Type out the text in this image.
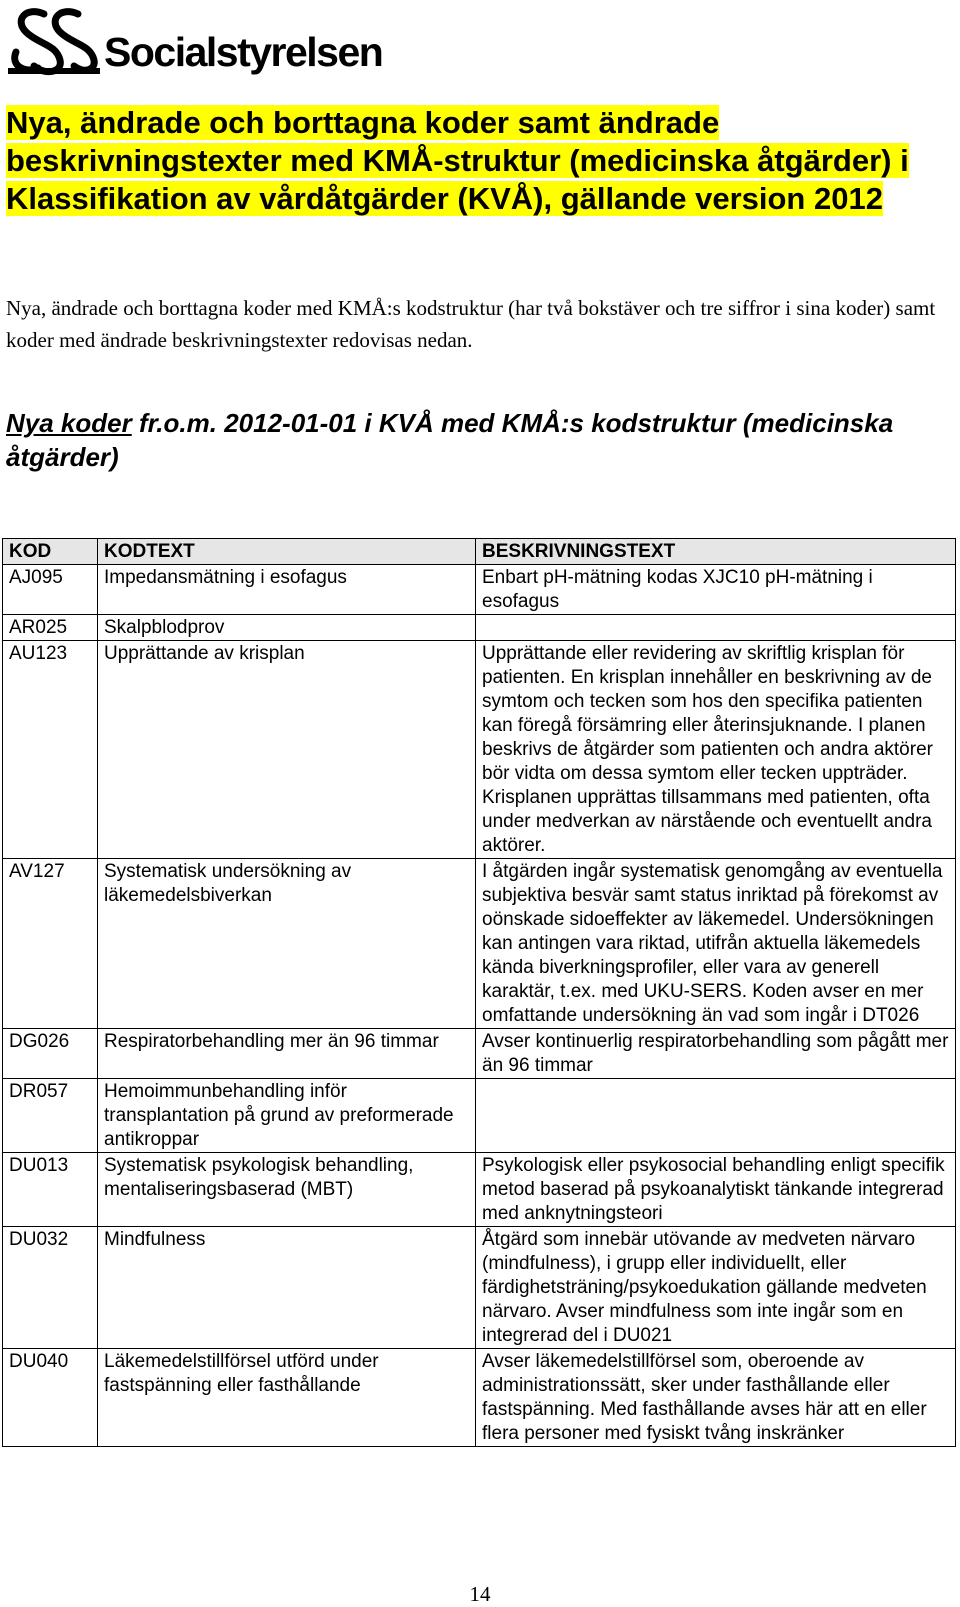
Socialstyrelsen
Nya, ändrade och borttagna koder samt ändrade beskrivningstexter med KMÅ-struktur (medicinska åtgärder) i Klassifikation av vårdåtgärder (KVÅ), gällande version 2012

Nya, ändrade och borttagna koder med KMÅ:s kodstruktur (har två bokstäver och tre siffror i sina koder) samt koder med ändrade beskrivningstexter redovisas nedan.

Nya koder fr.o.m. 2012-01-01 i KVÅ med KMÅ:s kodstruktur (medicinska åtgärder)
KOD	KODTEXT	BESKRIVNINGSTEXT
AJ095	Impedansmätning i esofagus	Enbart pH-mätning kodas XJC10 pH-mätning i esofagus
AR025	Skalpblodprov	
AU123	Upprättande av krisplan	Upprättande eller revidering av skriftlig krisplan för patienten. En krisplan innehåller en beskrivning av de symtom och tecken som hos den specifika patienten kan föregå försämring eller återinsjuknande. I planen beskrivs de åtgärder som patienten och andra aktörer bör vidta om dessa symtom eller tecken uppträder. Krisplanen upprättas tillsammans med patienten, ofta under medverkan av närstående och eventuellt andra aktörer.
AV127	Systematisk undersökning av läkemedelsbiverkan	I åtgärden ingår systematisk genomgång av eventuella subjektiva besvär samt status inriktad på förekomst av oönskade sidoeffekter av läkemedel. Undersökningen kan antingen vara riktad, utifrån aktuella läkemedels kända biverkningsprofiler, eller vara av generell karaktär, t.ex. med UKU-SERS. Koden avser en mer omfattande undersökning än vad som ingår i DT026
DG026	Respiratorbehandling mer än 96 timmar	Avser kontinuerlig respiratorbehandling som pågått mer än 96 timmar
DR057	Hemoimmunbehandling inför transplantation på grund av preformerade antikroppar	
DU013	Systematisk psykologisk behandling, mentaliseringsbaserad (MBT)	Psykologisk eller psykosocial behandling enligt specifik metod baserad på psykoanalytiskt tänkande integrerad med anknytningsteori
DU032	Mindfulness	Åtgärd som innebär utövande av medveten närvaro (mindfulness), i grupp eller individuellt, eller färdighetsträning/psykoedukation gällande medveten närvaro. Avser mindfulness som inte ingår som en integrerad del i DU021
DU040	Läkemedelstillförsel utförd under fastspänning eller fasthållande	Avser läkemedelstillförsel som, oberoende av administrationssätt, sker under fasthållande eller fastspänning. Med fasthållande avses här att en eller flera personer med fysiskt tvång inskränker
14
